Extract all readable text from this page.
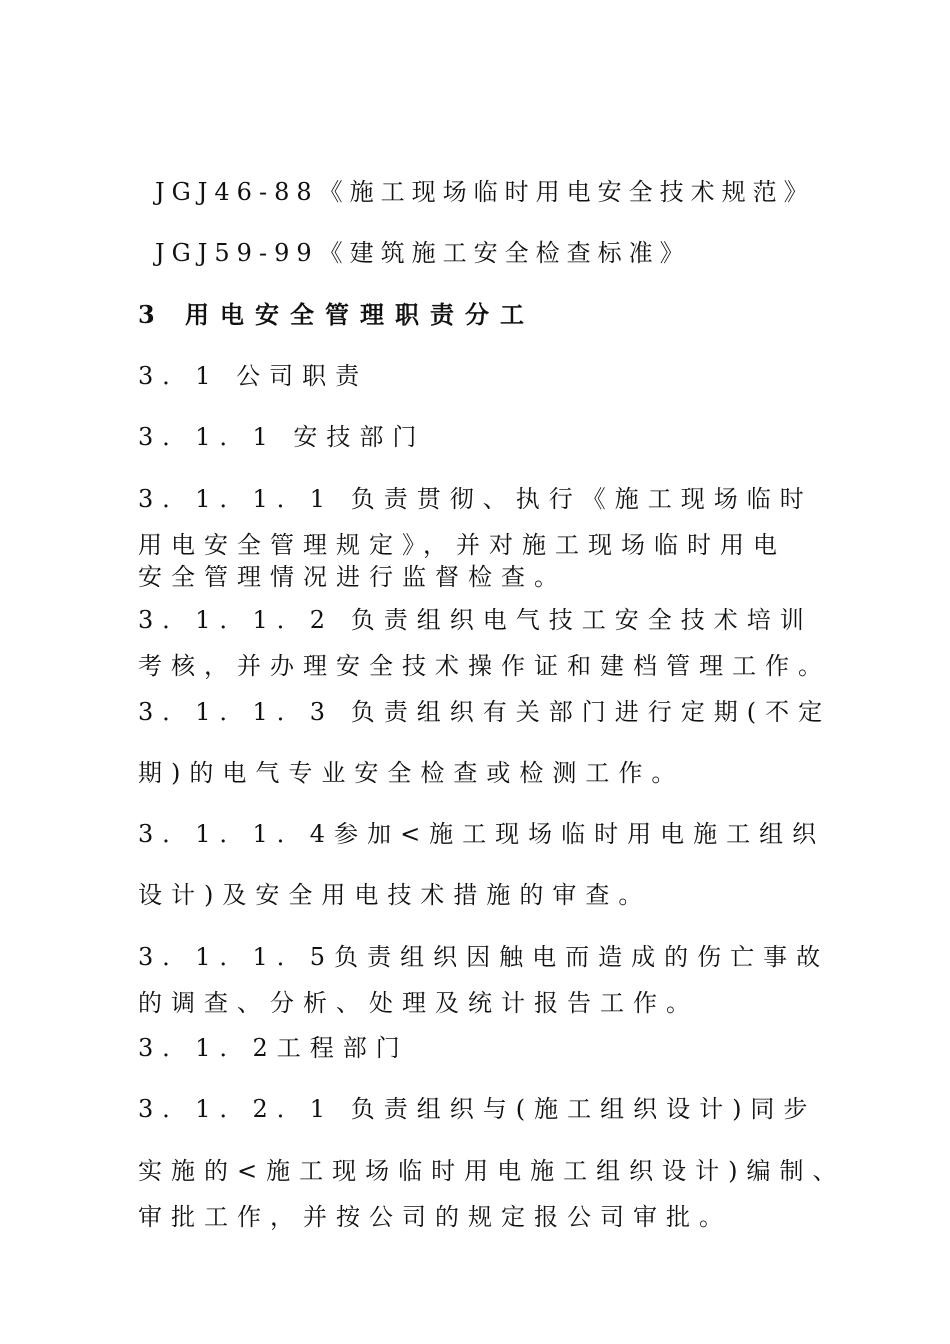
JGJ46-88《施工现场临时用电安全技术规范》
JGJ59-99《建筑施工安全检查标准》
3 用电安全管理职责分工
3．1 公司职责
3．1．1 安技部门
3．1．1．1 负责贯彻、执行《施工现场临时
用电安全管理规定》，并对施工现场临时用电
安全管理情况进行监督检查。
3．1．1．2 负责组织电气技工安全技术培训
考核，并办理安全技术操作证和建档管理工作。
3．1．1．3 负责组织有关部门进行定期(不定
期)的电气专业安全检查或检测工作。
3．1．1．4参加<施工现场临时用电施工组织
设计)及安全用电技术措施的审查。
3．1．1．5负责组织因触电而造成的伤亡事故
的调查、分析、处理及统计报告工作。
3．1．2工程部门
3．1．2．1 负责组织与(施工组织设计)同步
实施的<施工现场临时用电施工组织设计)编制、
审批工作，并按公司的规定报公司审批。
